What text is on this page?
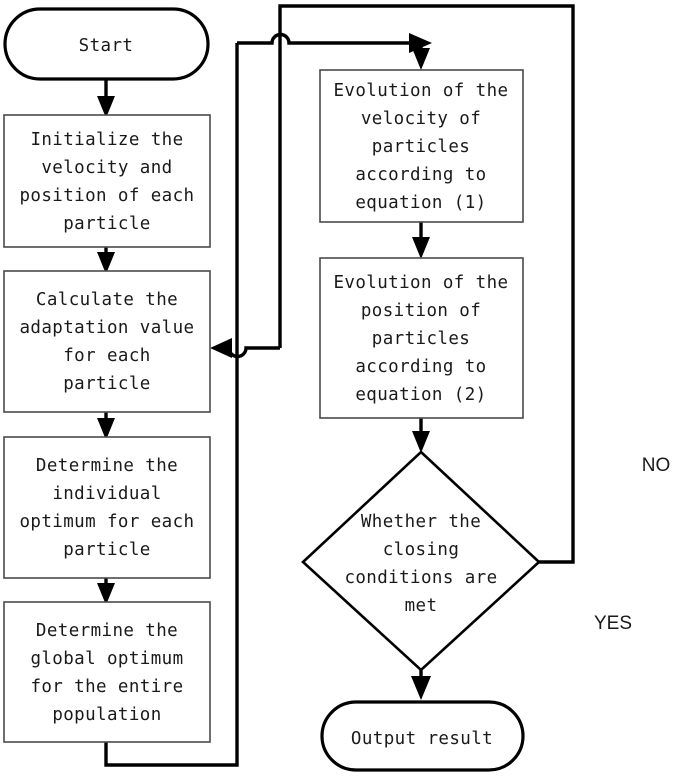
Start
Initialize the
velocity and
position of each
particle
Calculate the
adaptation value
for each
particle
Determine the
individual
optimum for each
particle
Determine the
global optimum
for the entire
population
Evolution of the
velocity of
particles
according to
equation (1)
Evolution of the
position of
particles
according to
equation (2)
Whether the
closing
conditions are
met
Output result
NO
YES
